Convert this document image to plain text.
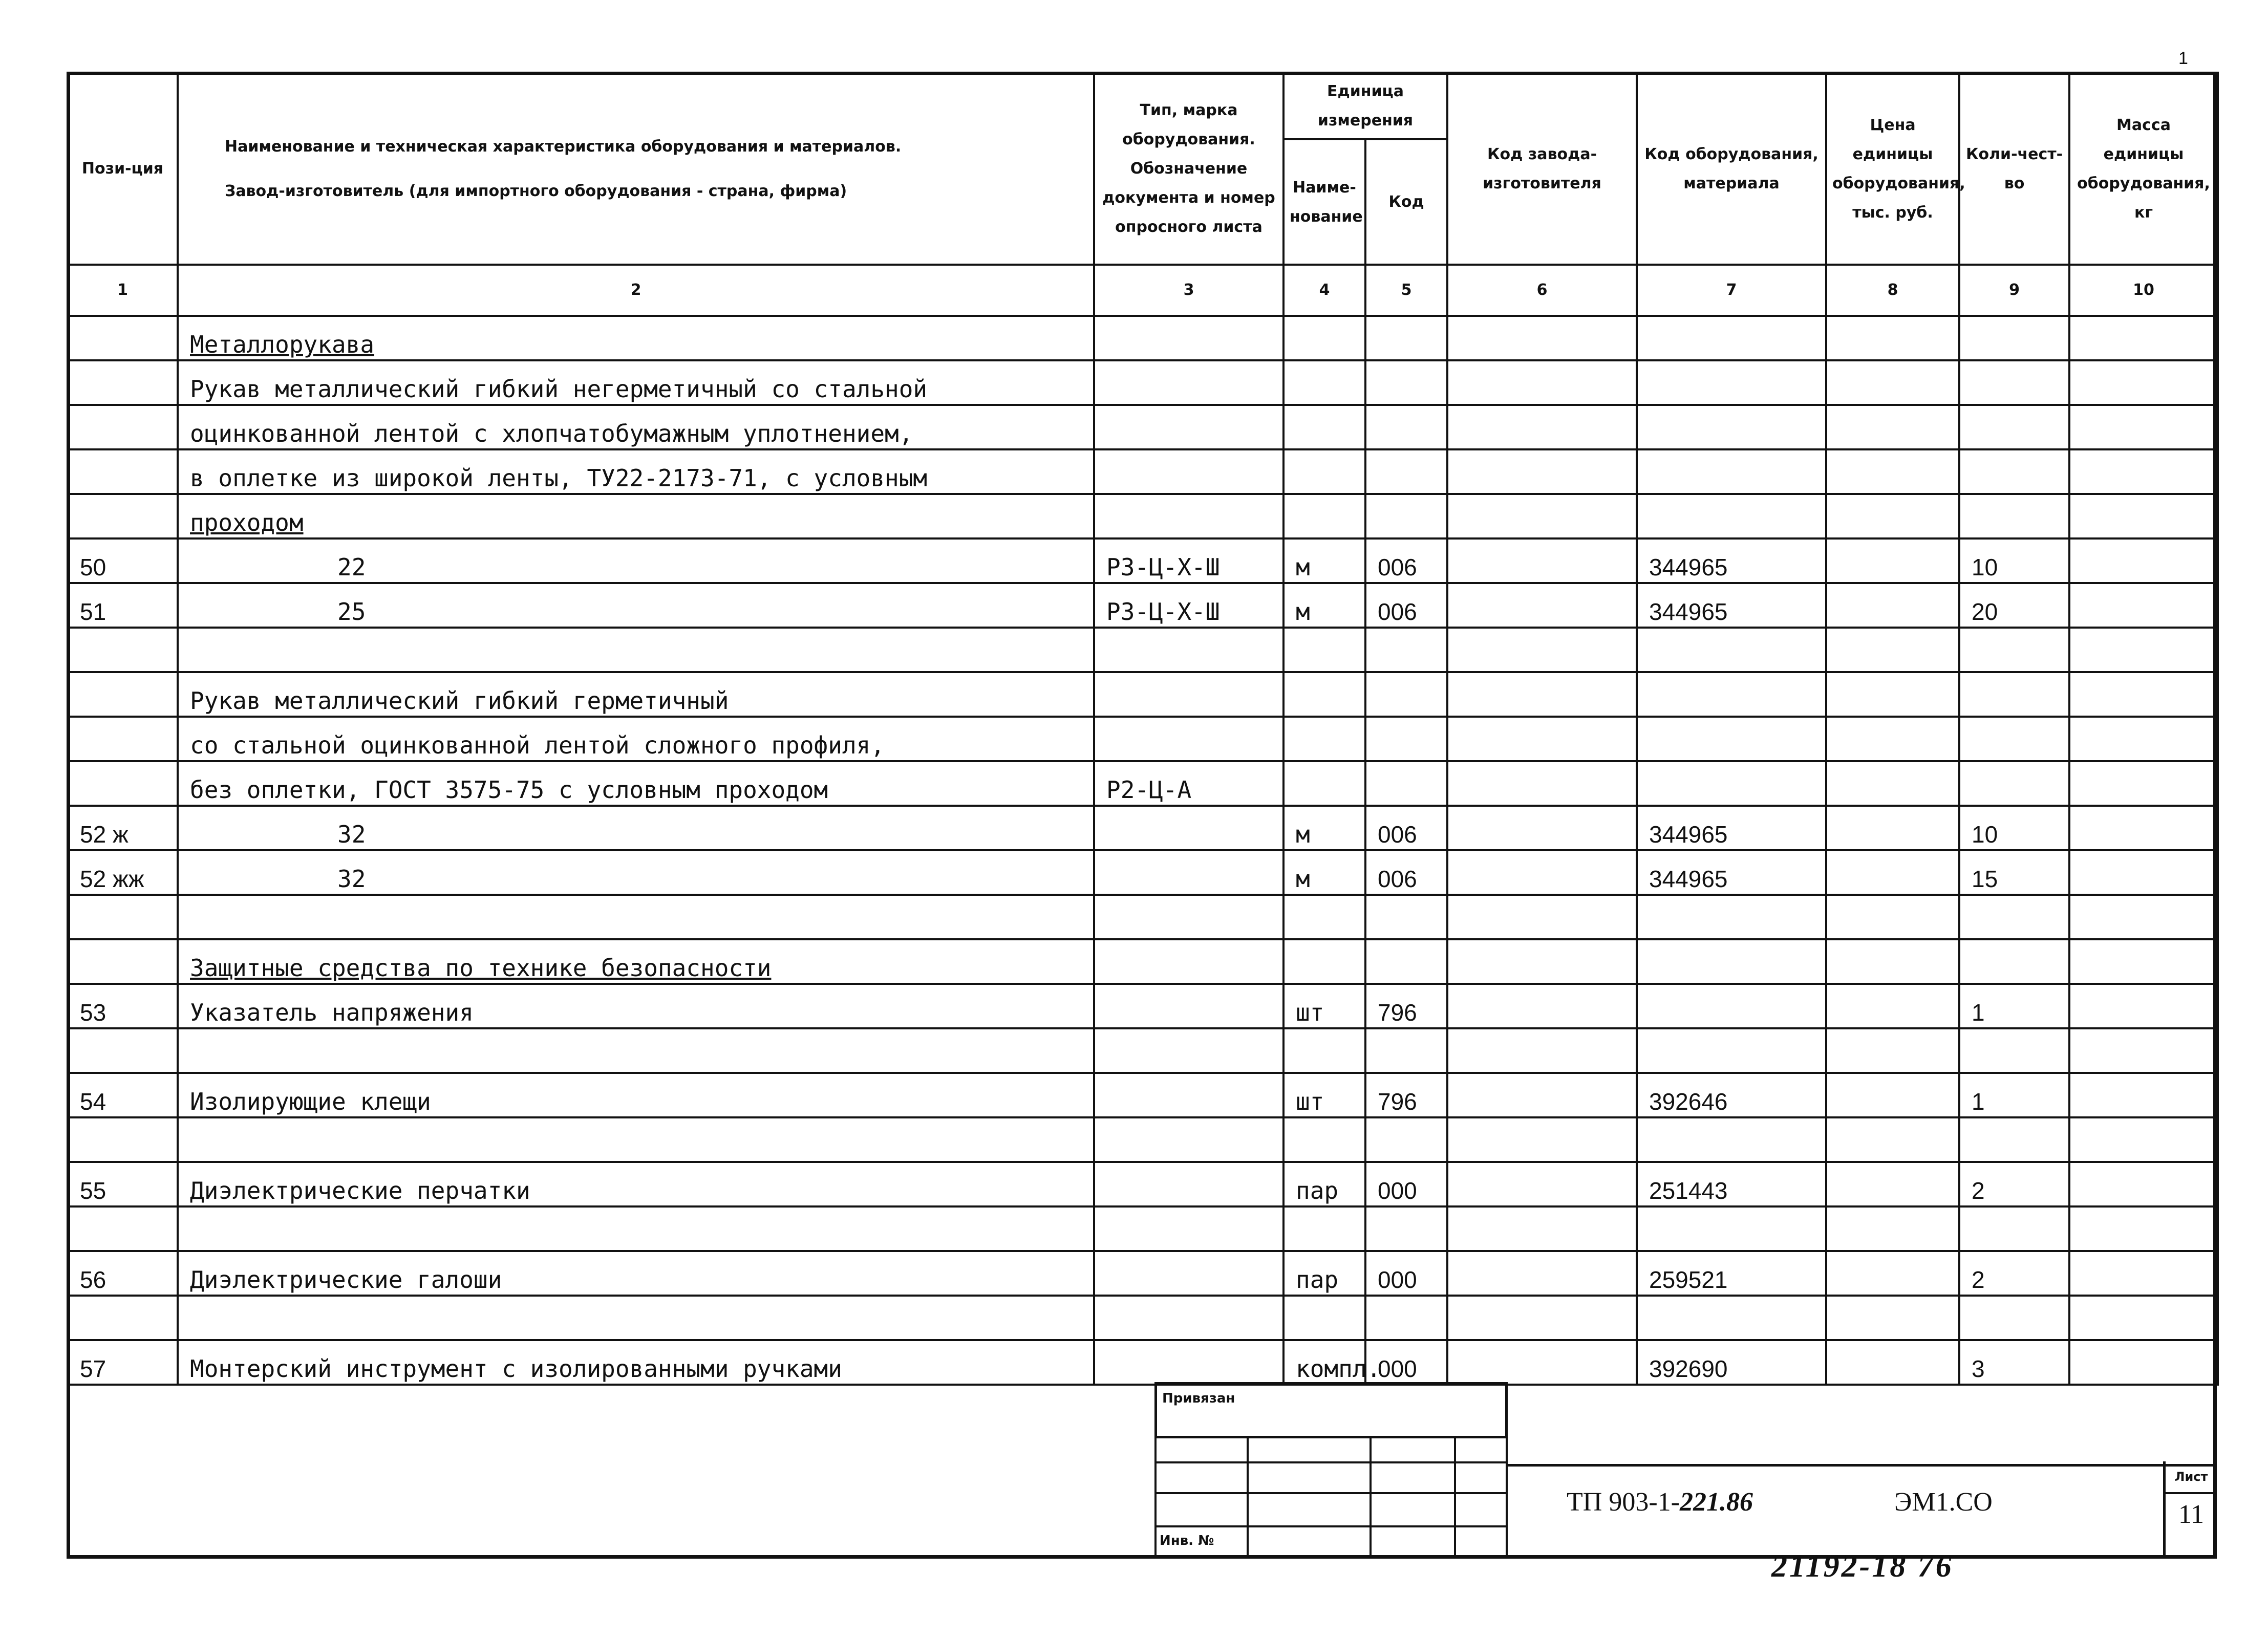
1
Пози-ция	Наименование и техническая характеристика оборудования и материалов.
Завод-изготовитель (для импортного оборудования - страна, фирма)	Тип, марка оборудования. Обозначение документа и номер опросного листа	Единица измерения		Код завода-изготовителя	Код оборудования, материала	Цена единицы оборудования, тыс. руб.	Коли-чест-во	Масса единицы оборудования, кг
			Наиме-нование	Код					
1	2	3	4	5	6	7	8	9	10
	Металлорукава								
	Рукав металлический гибкий негерметичный со стальной								
	оцинкованной лентой с хлопчатобумажным уплотнением,								
	в оплетке из широкой ленты, ТУ22-2173-71, с условным								
	проходом								
50	22	Р3-Ц-Х-Ш	м	006		344965		10	
51	25	Р3-Ц-Х-Ш	м	006		344965		20	

	Рукав металлический гибкий герметичный								
	со стальной оцинкованной лентой сложного профиля,								
	без оплетки, ГОСТ 3575-75 с условным проходом	Р2-Ц-А							
52 ж	32		м	006		344965		10	
52 жж	32		м	006		344965		15	

	Защитные средства по технике безопасности								
53	Указатель напряжения		шт	796				1	

54	Изолирующие клещи		шт	796		392646		1	

55	Диэлектрические перчатки		пар	000		251443		2	

56	Диэлектрические галоши		пар	000		259521		2	

57	Монтерский инструмент с изолированными ручками		компл.	000		392690		3	
Привязан
Инв. №
ТП 903-1-221.86	ЭМ1.СО
Лист
11
21192-18 76
